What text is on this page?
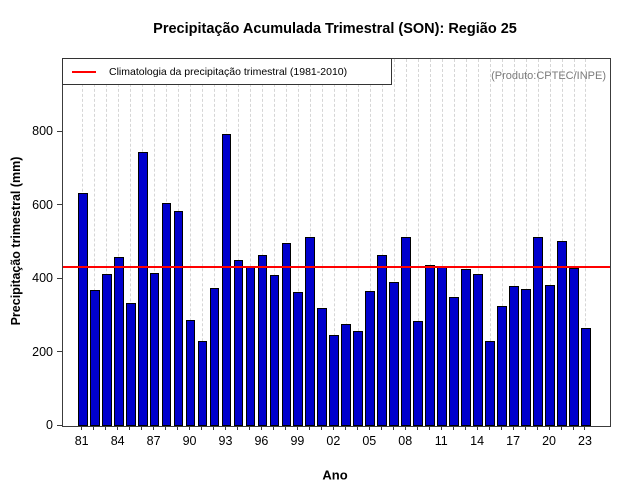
Precipitação Acumulada Trimestral (SON): Região 25
Climatologia da precipitação trimestral (1981-2010)	(Produto:CPTEC/INPE)
Precipitação trimestral (mm)
Ano
81	84	87	90	93	96	99	02	05	08	11	14	17	20	23
0
200
400
600
800
